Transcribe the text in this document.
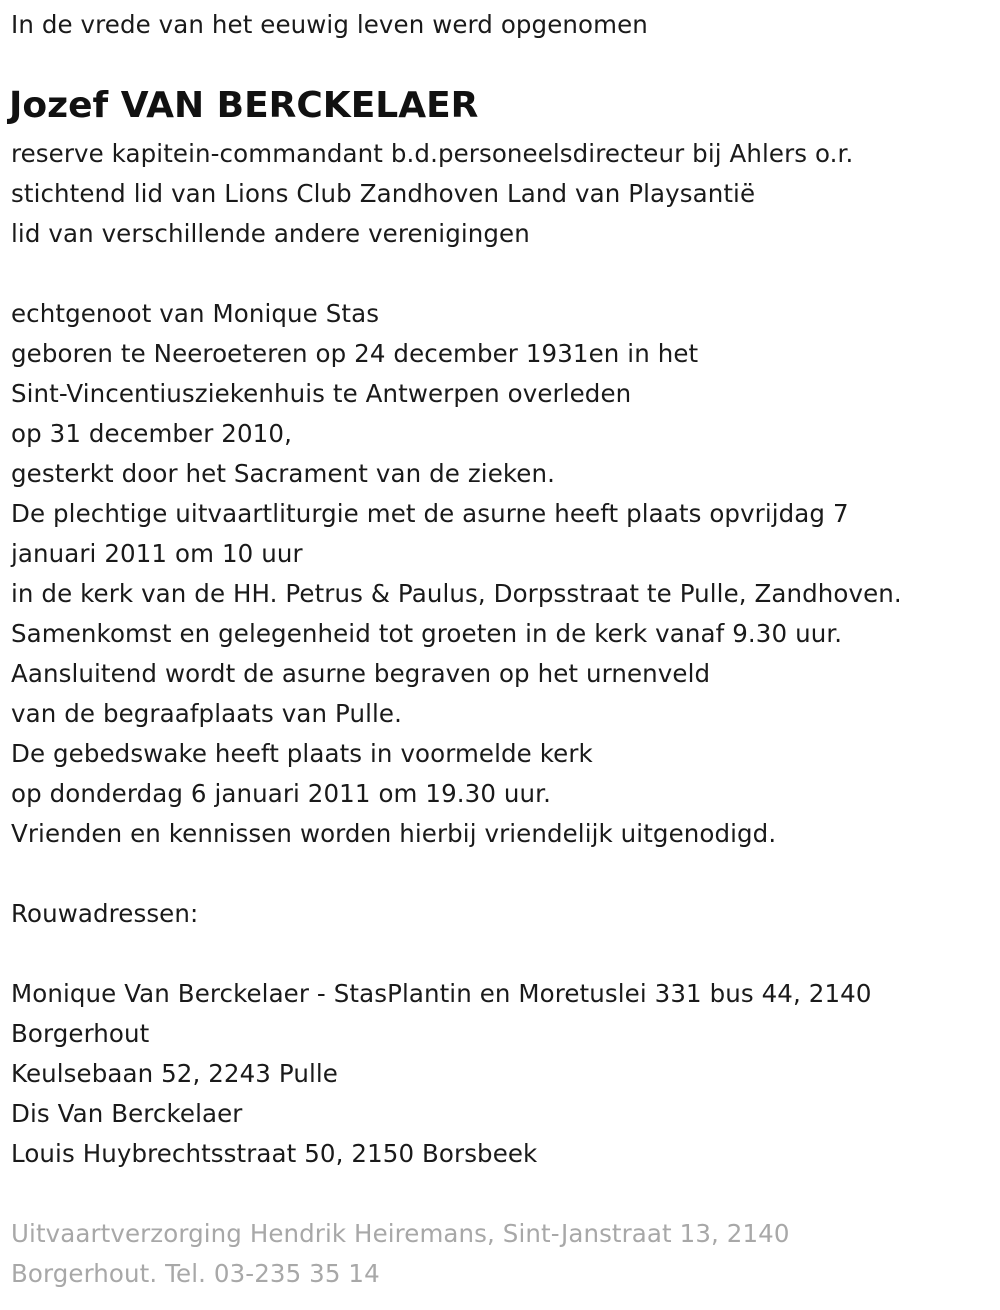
In de vrede van het eeuwig leven werd opgenomen
Jozef VAN BERCKELAER
reserve kapitein-commandant b.d.personeelsdirecteur bij Ahlers o.r.
stichtend lid van Lions Club Zandhoven Land van Playsantië
lid van verschillende andere verenigingen
echtgenoot van Monique Stas
geboren te Neeroeteren op 24 december 1931en in het
Sint-Vincentiusziekenhuis te Antwerpen overleden
op 31 december 2010,
gesterkt door het Sacrament van de zieken.
De plechtige uitvaartliturgie met de asurne heeft plaats opvrijdag 7
januari 2011 om 10 uur
in de kerk van de HH. Petrus & Paulus, Dorpsstraat te Pulle, Zandhoven.
Samenkomst en gelegenheid tot groeten in de kerk vanaf 9.30 uur.
Aansluitend wordt de asurne begraven op het urnenveld
van de begraafplaats van Pulle.
De gebedswake heeft plaats in voormelde kerk
op donderdag 6 januari 2011 om 19.30 uur.
Vrienden en kennissen worden hierbij vriendelijk uitgenodigd.
Rouwadressen:
Monique Van Berckelaer - StasPlantin en Moretuslei 331 bus 44, 2140
Borgerhout
Keulsebaan 52, 2243 Pulle
Dis Van Berckelaer
Louis Huybrechtsstraat 50, 2150 Borsbeek
Uitvaartverzorging Hendrik Heiremans, Sint-Janstraat 13, 2140
Borgerhout. Tel. 03-235 35 14
